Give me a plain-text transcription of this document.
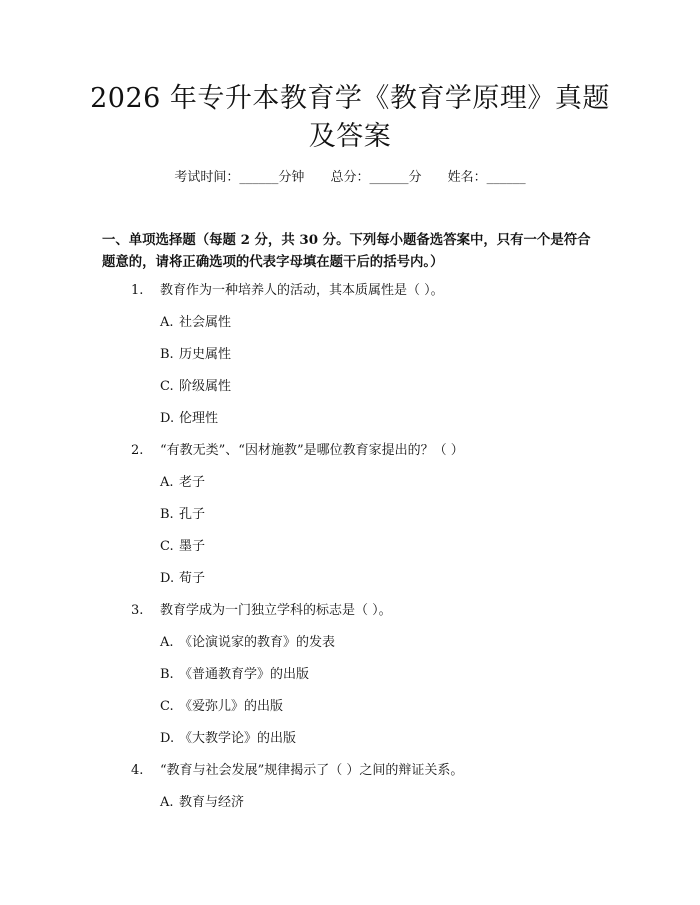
2026 年专升本教育学《教育学原理》真题及答案
考试时间：______分钟 总分：______分 姓名：______
一、单项选择题（每题 2 分，共 30 分。下列每小题备选答案中，只有一个是符合题意的，请将正确选项的代表字母填在题干后的括号内。）
1. 教育作为一种培养人的活动，其本质属性是（ ）。
A. 社会属性
B. 历史属性
C. 阶级属性
D. 伦理性
2. “有教无类”、“因材施教”是哪位教育家提出的？（ ）
A. 老子
B. 孔子
C. 墨子
D. 荀子
3. 教育学成为一门独立学科的标志是（ ）。
A. 《论演说家的教育》的发表
B. 《普通教育学》的出版
C. 《爱弥儿》的出版
D. 《大教学论》的出版
4. “教育与社会发展”规律揭示了（ ）之间的辩证关系。
A. 教育与经济
